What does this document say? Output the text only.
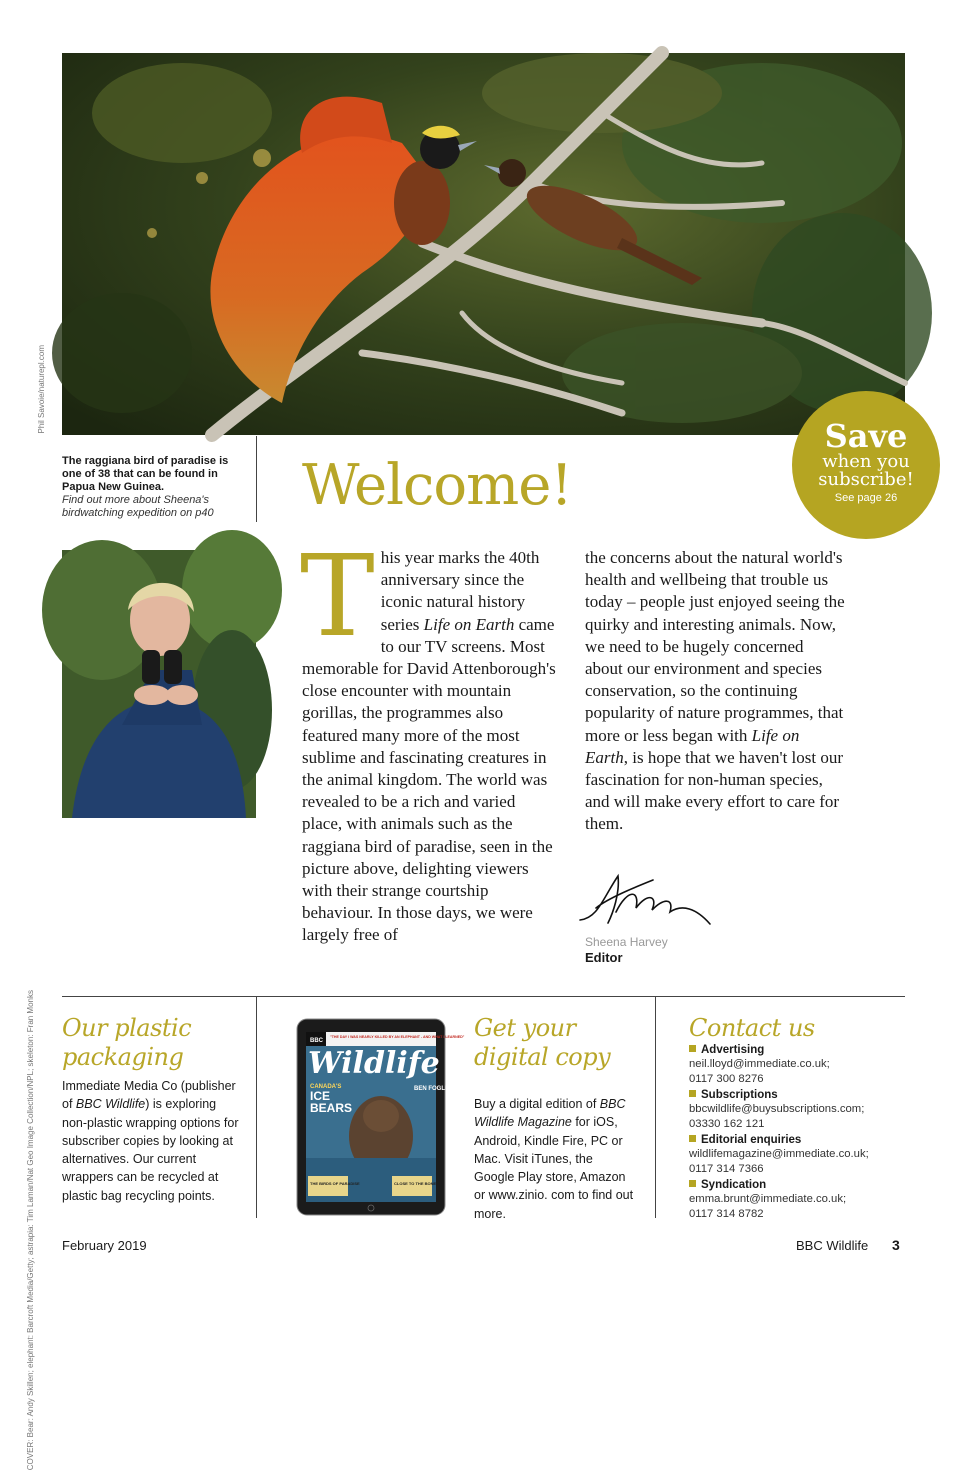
Phil Savoie/naturepl.com
The raggiana bird of paradise is one of 38 that can be found in Papua New Guinea.
Find out more about Sheena's birdwatching expedition on p40	Welcome!
Save
when you
subscribe!
See page 26
This year marks the 40th anniversary since the iconic natural history series Life on Earth came to our TV screens. Most memorable for David Attenborough's close encounter with mountain gorillas, the programmes also featured many more of the most sublime and fascinating creatures in the animal kingdom. The world was revealed to be a rich and varied place, with animals such as the raggiana bird of paradise, seen in the picture above, delighting viewers with their strange courtship behaviour. In those days, we were largely free of
the concerns about the natural world's health and wellbeing that trouble us today – people just enjoyed seeing the quirky and interesting animals. Now, we need to be hugely concerned about our environment and species conservation, so the continuing popularity of nature programmes, that more or less began with Life on Earth, is hope that we haven't lost our fascination for non-human species, and will make every effort to care for them.
Sheena Harvey
Editor
COVER: Bear: Andy Skillen; elephant: Barcroft Media/Getty; astrapia: Tim Laman/Nat Geo Image Collection/NPL; skeleton: Fran Monks Our plastic packaging
Immediate Media Co (publisher of BBC Wildlife) is exploring non-plastic wrapping options for subscriber copies by looking at alternatives. Our current wrappers can be recycled at plastic bag recycling points.
BBC
"THE DAY I WAS NEARLY KILLED BY AN ELEPHANT - AND WHAT I LEARNED"
Wildlife
CANADA'S
ICE
BEARS
BEN FOGLE
THE BIRDS OF PARADISE	CLOSE TO THE BONE
Get your digital copy
Buy a digital edition of BBC Wildlife Magazine for iOS, Android, Kindle Fire, PC or Mac. Visit iTunes, the Google Play store, Amazon or www.zinio. com to find out more.
Contact us
Advertising
neil.lloyd@immediate.co.uk;
0117 300 8276
Subscriptions
bbcwildlife@buysubscriptions.com;
03330 162 121
Editorial enquiries
wildlifemagazine@immediate.co.uk;
0117 314 7366
Syndication
emma.brunt@immediate.co.uk;
0117 314 8782
February 2019	BBC Wildlife 3
